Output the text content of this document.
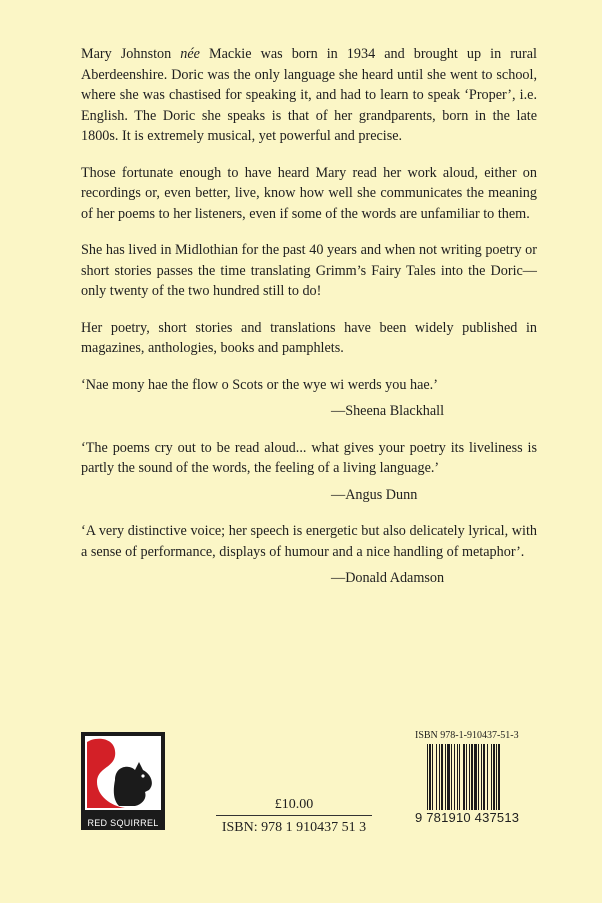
Mary Johnston née Mackie was born in 1934 and brought up in rural Aberdeenshire. Doric was the only language she heard until she went to school, where she was chastised for speaking it, and had to learn to speak ‘Proper’, i.e. English. The Doric she speaks is that of her grandparents, born in the late 1800s. It is extremely musical, yet powerful and precise.

Those fortunate enough to have heard Mary read her work aloud, either on recordings or, even better, live, know how well she communicates the meaning of her poems to her listeners, even if some of the words are unfamiliar to them.

She has lived in Midlothian for the past 40 years and when not writing poetry or short stories passes the time translating Grimm’s Fairy Tales into the Doric—only twenty of the two hundred still to do!

Her poetry, short stories and translations have been widely published in magazines, anthologies, books and pamphlets.

‘Nae mony hae the flow o Scots or the wye wi werds you hae.’

—Sheena Blackhall

‘The poems cry out to be read aloud... what gives your poetry its liveliness is partly the sound of the words, the feeling of a living language.’

—Angus Dunn

‘A very distinctive voice; her speech is energetic but also delicately lyrical, with a sense of performance, displays of humour and a nice handling of metaphor’.

—Donald Adamson

RED SQUIRREL
£10.00
ISBN: 978 1 910437 51 3
ISBN 978-1-910437-51-3
9 781910 437513
